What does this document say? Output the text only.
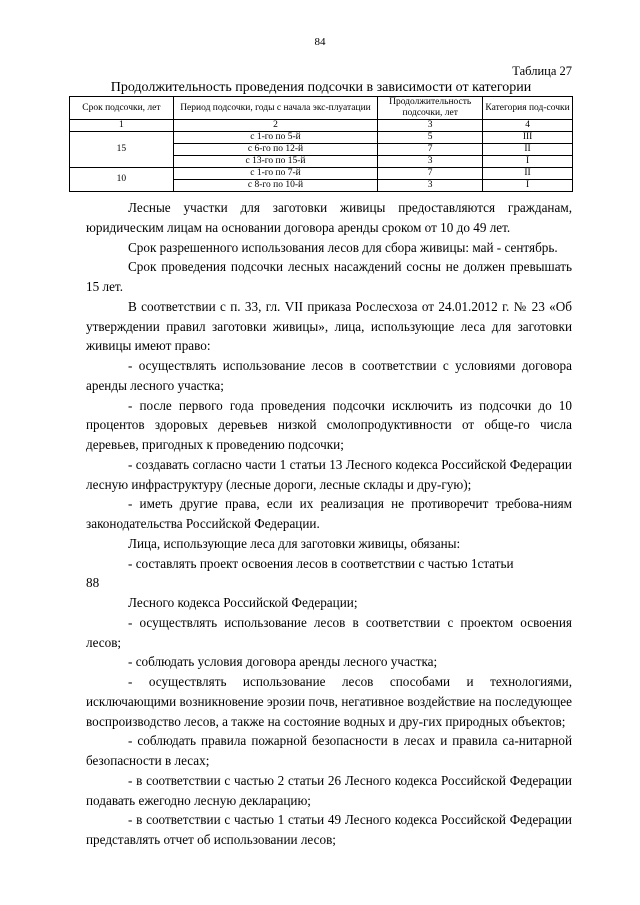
84
Таблица 27
Продолжительность проведения подсочки в зависимости от категории
Срок подсочки, лет	Период подсочки, годы с начала экс-плуатации	Продолжительность подсочки, лет	Категория под-сочки
1	2	3	4
15	с 1-го по 5-й	5	III
	с 6-го по 12-й	7	II
	с 13-го по 15-й	3	I
10	с 1-го по 7-й	7	II
	с 8-го по 10-й	3	I

Лесные участки для заготовки живицы предоставляются гражданам, юридическим лицам на основании договора аренды сроком от 10 до 49 лет.

Срок разрешенного использования лесов для сбора живицы: май - сентябрь.

Срок проведения подсочки лесных насаждений сосны не должен превышать 15 лет.

В соответствии с п. 33, гл. VII приказа Рослесхоза от 24.01.2012 г. № 23 «Об утверждении правил заготовки живицы», лица, использующие леса для заготовки живицы имеют право:

- осуществлять использование лесов в соответствии с условиями договора аренды лесного участка;

- после первого года проведения подсочки исключить из подсочки до 10 процентов здоровых деревьев низкой смолопродуктивности от обще-го числа деревьев, пригодных к проведению подсочки;

- создавать согласно части 1 статьи 13 Лесного кодекса Российской Федерации лесную инфраструктуру (лесные дороги, лесные склады и дру-гую);

- иметь другие права, если их реализация не противоречит требова-ниям законодательства Российской Федерации.

Лица, использующие леса для заготовки живицы, обязаны:

- составлять проект освоения лесов в соответствии с частью 1статьи

88

Лесного кодекса Российской Федерации;

- осуществлять использование лесов в соответствии с проектом освоения лесов;

- соблюдать условия договора аренды лесного участка;

- осуществлять использование лесов способами и технологиями, исключающими возникновение эрозии почв, негативное воздействие на последующее воспроизводство лесов, а также на состояние водных и дру-гих природных объектов;

- соблюдать правила пожарной безопасности в лесах и правила са-нитарной безопасности в лесах;

- в соответствии с частью 2 статьи 26 Лесного кодекса Российской Федерации подавать ежегодно лесную декларацию;

- в соответствии с частью 1 статьи 49 Лесного кодекса Российской Федерации представлять отчет об использовании лесов;
